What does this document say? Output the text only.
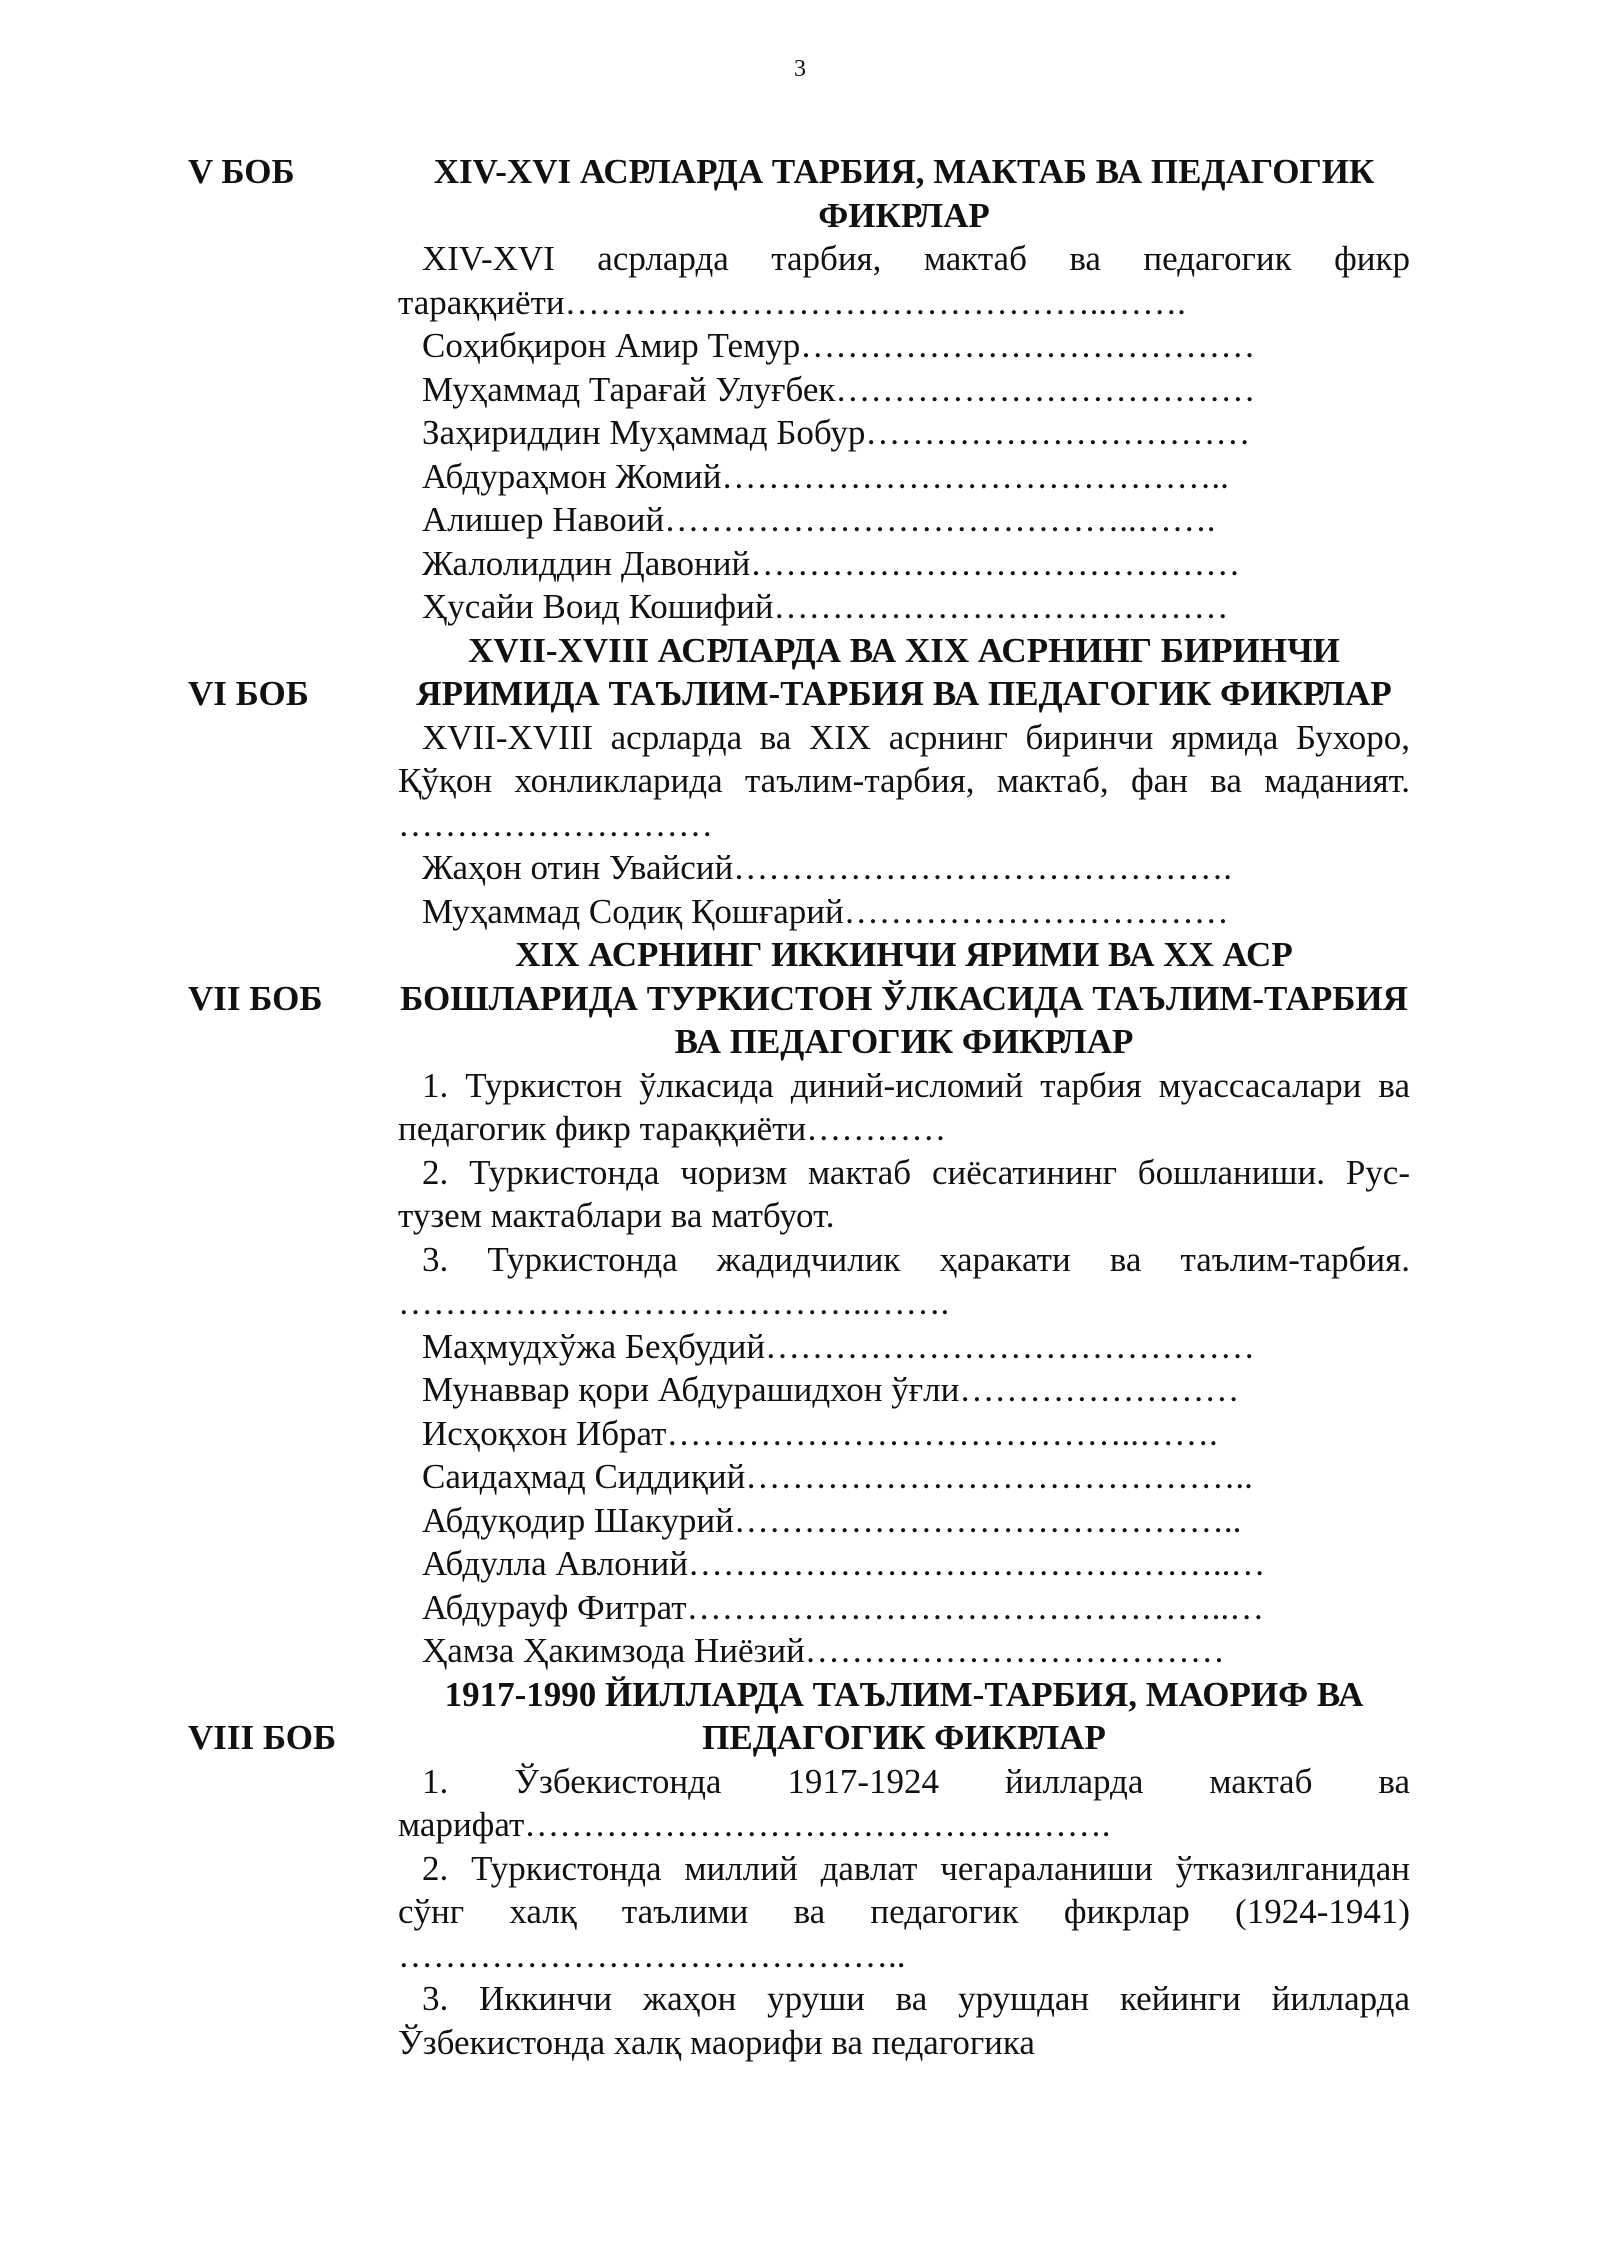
3
V БОБ	XIV-XVI АСРЛАРДА ТАРБИЯ, МАКТАБ ВА ПЕДАГОГИК ФИКРЛАР
XIV-XVI асрларда тарбия, мактаб ва педагогик фикр тараққиёти………………………………………..…….
Соҳибқирон Амир Темур…………………………………
Муҳаммад Тарағай Улуғбек………………………………
Заҳириддин Муҳаммад Бобур……………………………
Абдураҳмон Жомий……………………………………..
Алишер Навоий…………………………………..…….
Жалолиддин Давоний……………………………………
Ҳусайи Воид Кошифий…………………………………
VI БОБ
XVII-XVIII АСРЛАРДА ВА XIX АСРНИНГ БИРИНЧИ ЯРИМИДА ТАЪЛИМ-ТАРБИЯ ВА ПЕДАГОГИК ФИКРЛАР
XVII-XVIII асрларда ва XIX асрнинг биринчи ярмида Бухоро, Қўқон хонликларида таълим-тарбия, мактаб, фан ва маданият. ………………………
Жаҳон отин Увайсий…………………………………….
Муҳаммад Содиқ Қошғарий……………………………
VII БОБ
XIX АСРНИНГ ИККИНЧИ ЯРИМИ ВА XX АСР БОШЛАРИДА ТУРКИСТОН ЎЛКАСИДА ТАЪЛИМ-ТАРБИЯ ВА ПЕДАГОГИК ФИКРЛАР
1. Туркистон ўлкасида диний-исломий тарбия муассасалари ва педагогик фикр тараққиёти…………
2. Туркистонда чоризм мактаб сиёсатининг бошланиши. Рус-тузем мактаблари ва матбуот.
3. Туркистонда жадидчилик ҳаракати ва таълим-тарбия. …………………………………..…….
Маҳмудхўжа Беҳбудий……………………………………
Мунаввар қори Абдурашидхон ўғли……………………
Исҳоқхон Ибрат…………………………………..…….
Саидаҳмад Сиддиқий……………………………………..
Абдуқодир Шакурий……………………………………..
Абдулла Авлоний………………………………………..…
Абдурауф Фитрат………………………………………..…
Ҳамза Ҳакимзода Ниёзий………………………………
VIII БОБ
1917-1990 ЙИЛЛАРДА ТАЪЛИМ-ТАРБИЯ, МАОРИФ ВА ПЕДАГОГИК ФИКРЛАР
1. Ўзбекистонда 1917-1924 йилларда мактаб ва марифат……………………………………..…….
2. Туркистонда миллий давлат чегараланиши ўтказилганидан сўнг халқ таълими ва педагогик фикрлар (1924-1941) ……………………………………..
3. Иккинчи жаҳон уруши ва урушдан кейинги йилларда Ўзбекистонда халқ маорифи ва педагогика
